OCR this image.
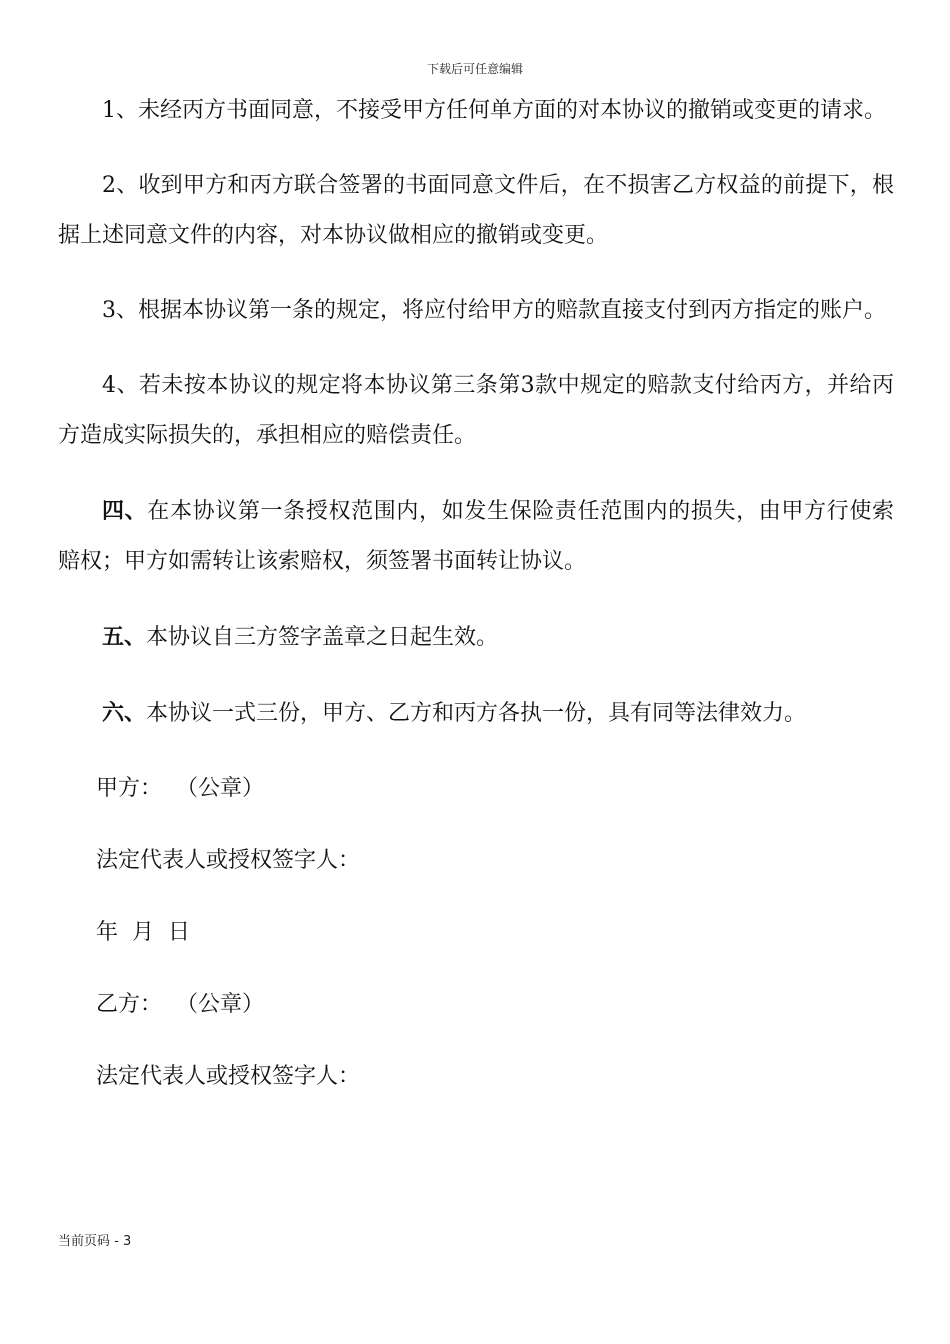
下载后可任意编辑

1、未经丙方书面同意，不接受甲方任何单方面的对本协议的撤销或变更的请求。

2、收到甲方和丙方联合签署的书面同意文件后，在不损害乙方权益的前提下，根据上述同意文件的内容，对本协议做相应的撤销或变更。

3、根据本协议第一条的规定，将应付给甲方的赔款直接支付到丙方指定的账户。

4、若未按本协议的规定将本协议第三条第3款中规定的赔款支付给丙方，并给丙方造成实际损失的，承担相应的赔偿责任。

四、在本协议第一条授权范围内，如发生保险责任范围内的损失，由甲方行使索赔权；甲方如需转让该索赔权，须签署书面转让协议。

五、本协议自三方签字盖章之日起生效。

六、本协议一式三份，甲方、乙方和丙方各执一份，具有同等法律效力。

甲方：  （公章）

法定代表人或授权签字人：

年  月  日

乙方：  （公章）

法定代表人或授权签字人：

当前页码 - 3
